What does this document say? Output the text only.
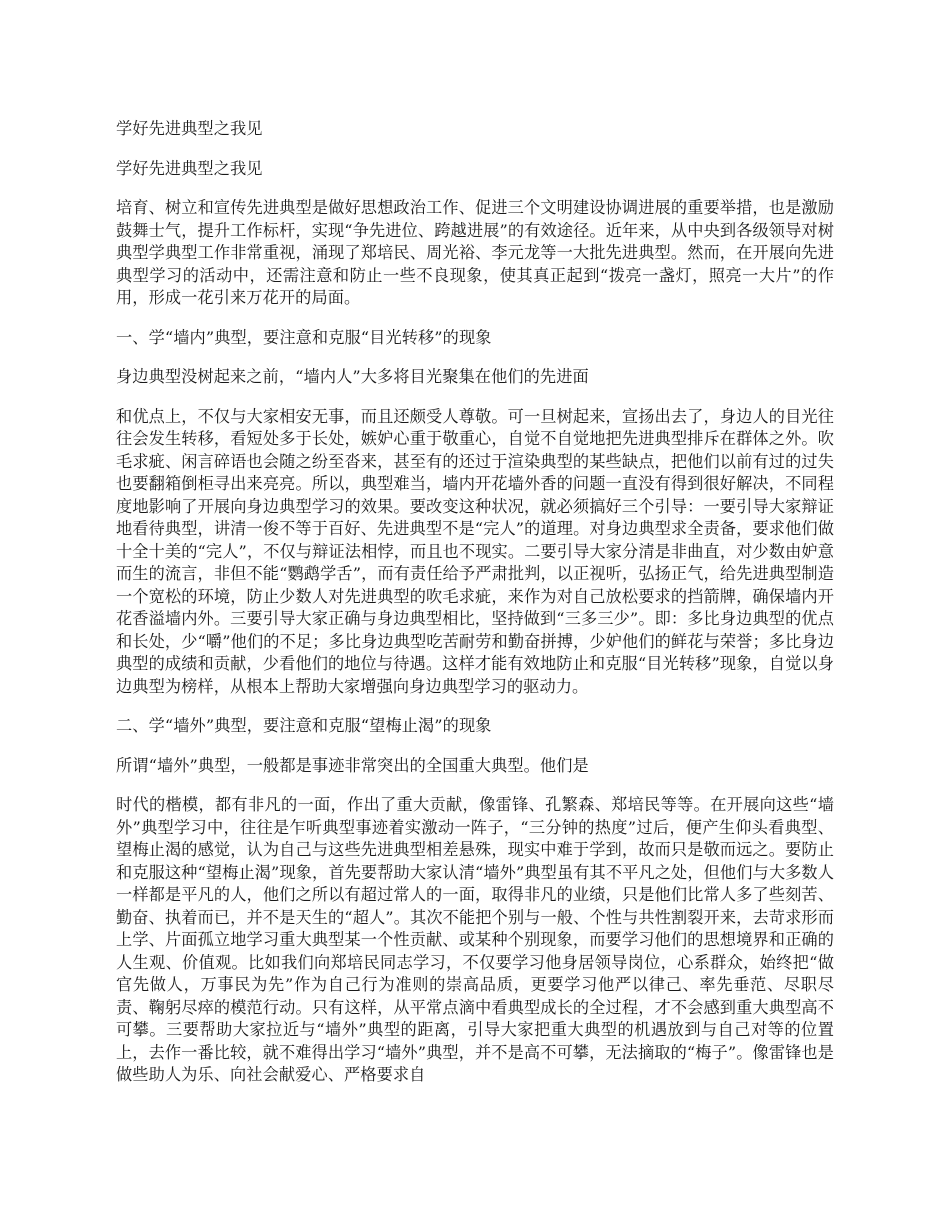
学好先进典型之我见

学好先进典型之我见

培育、树立和宣传先进典型是做好思想政治工作、促进三个文明建设协调进展的重要举措，也是激励鼓舞士气，提升工作标杆，实现“争先进位、跨越进展”的有效途径。近年来，从中央到各级领导对树典型学典型工作非常重视，涌现了郑培民、周光裕、李元龙等一大批先进典型。然而，在开展向先进典型学习的活动中，还需注意和防止一些不良现象，使其真正起到“拨亮一盏灯，照亮一大片”的作用，形成一花引来万花开的局面。

一、学“墙内”典型，要注意和克服“目光转移”的现象

身边典型没树起来之前，“墙内人”大多将目光聚集在他们的先进面

和优点上，不仅与大家相安无事，而且还颇受人尊敬。可一旦树起来，宣扬出去了，身边人的目光往往会发生转移，看短处多于长处，嫉妒心重于敬重心，自觉不自觉地把先进典型排斥在群体之外。吹毛求疵、闲言碎语也会随之纷至沓来，甚至有的还过于渲染典型的某些缺点，把他们以前有过的过失也要翻箱倒柜寻出来亮亮。所以，典型难当，墙内开花墙外香的问题一直没有得到很好解决，不同程度地影响了开展向身边典型学习的效果。要改变这种状况，就必须搞好三个引导：一要引导大家辩证地看待典型，讲清一俊不等于百好、先进典型不是“完人”的道理。对身边典型求全责备，要求他们做十全十美的“完人”，不仅与辩证法相悖，而且也不现实。二要引导大家分清是非曲直，对少数由妒意而生的流言，非但不能“鹦鹉学舌”，而有责任给予严肃批判，以正视听，弘扬正气，给先进典型制造一个宽松的环境，防止少数人对先进典型的吹毛求疵，来作为对自己放松要求的挡箭牌，确保墙内开花香溢墙内外。三要引导大家正确与身边典型相比，坚持做到“三多三少”。即：多比身边典型的优点和长处，少“嚼”他们的不足；多比身边典型吃苦耐劳和勤奋拼搏，少妒他们的鲜花与荣誉；多比身边典型的成绩和贡献，少看他们的地位与待遇。这样才能有效地防止和克服“目光转移”现象，自觉以身边典型为榜样，从根本上帮助大家增强向身边典型学习的驱动力。

二、学“墙外”典型，要注意和克服“望梅止渴”的现象

所谓“墙外”典型，一般都是事迹非常突出的全国重大典型。他们是

时代的楷模，都有非凡的一面，作出了重大贡献，像雷锋、孔繁森、郑培民等等。在开展向这些“墙外”典型学习中，往往是乍听典型事迹着实激动一阵子，“三分钟的热度”过后，便产生仰头看典型、望梅止渴的感觉，认为自己与这些先进典型相差悬殊，现实中难于学到，故而只是敬而远之。要防止和克服这种“望梅止渴”现象，首先要帮助大家认清“墙外”典型虽有其不平凡之处，但他们与大多数人一样都是平凡的人，他们之所以有超过常人的一面，取得非凡的业绩，只是他们比常人多了些刻苦、勤奋、执着而已，并不是天生的“超人”。其次不能把个别与一般、个性与共性割裂开来，去苛求形而上学、片面孤立地学习重大典型某一个性贡献、或某种个别现象，而要学习他们的思想境界和正确的人生观、价值观。比如我们向郑培民同志学习，不仅要学习他身居领导岗位，心系群众，始终把“做官先做人，万事民为先”作为自己行为准则的崇高品质，更要学习他严以律己、率先垂范、尽职尽责、鞠躬尽瘁的模范行动。只有这样，从平常点滴中看典型成长的全过程，才不会感到重大典型高不可攀。三要帮助大家拉近与“墙外”典型的距离，引导大家把重大典型的机遇放到与自己对等的位置上，去作一番比较，就不难得出学习“墙外”典型，并不是高不可攀，无法摘取的“梅子”。像雷锋也是做些助人为乐、向社会献爱心、严格要求自
